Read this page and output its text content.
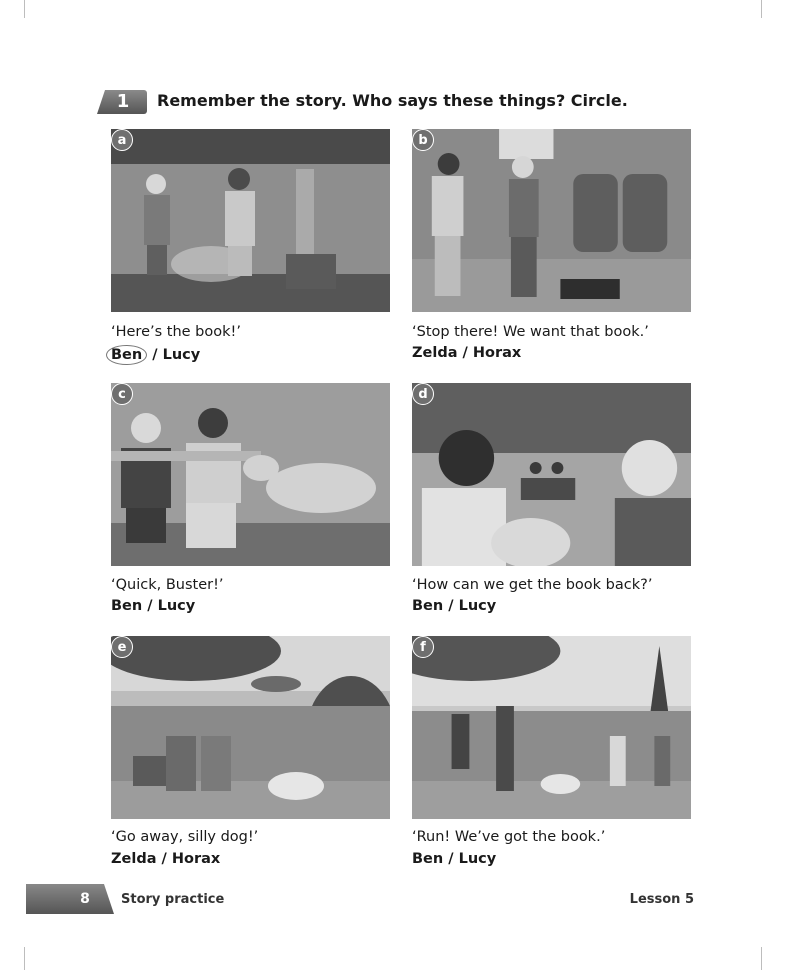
1	Remember the story. Who says these things? Circle.
a
‘Here’s the book!’
Ben / Lucy
b
‘Stop there! We want that book.’
Zelda / Horax
c
‘Quick, Buster!’
Ben / Lucy
d
‘How can we get the book back?’
Ben / Lucy
e
‘Go away, silly dog!’
Zelda / Horax
f
‘Run! We’ve got the book.’
Ben / Lucy
8	Story practice	Lesson 5
